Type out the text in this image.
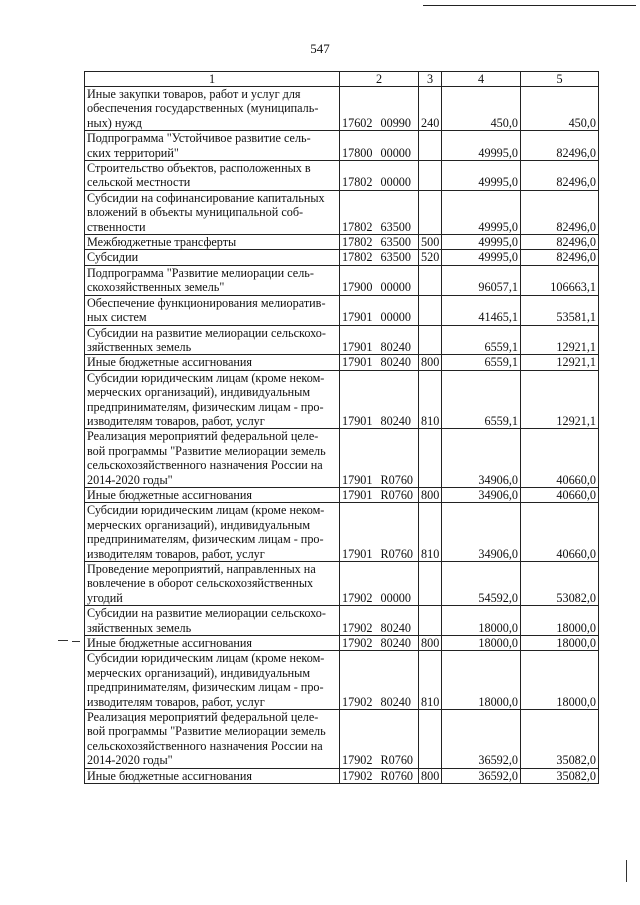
547
1	2	3	4	5
Иные закупки товаров, работ и услуг для обеспечения государственных (муниципаль- ных) нужд	17602 00990	240	450,0	450,0
Подпрограмма "Устойчивое развитие сель- ских территорий"	17800 00000		49995,0	82496,0
Строительство объектов, расположенных в сельской местности	17802 00000		49995,0	82496,0
Субсидии на софинансирование капитальных вложений в объекты муниципальной соб- ственности	17802 63500		49995,0	82496,0
Межбюджетные трансферты	17802 63500	500	49995,0	82496,0
Субсидии	17802 63500	520	49995,0	82496,0
Подпрограмма "Развитие мелиорации сель- скохозяйственных земель"	17900 00000		96057,1	106663,1
Обеспечение функционирования мелиоратив- ных систем	17901 00000		41465,1	53581,1
Субсидии на развитие мелиорации сельскохо- зяйственных земель	17901 80240		6559,1	12921,1
Иные бюджетные ассигнования	17901 80240	800	6559,1	12921,1
Субсидии юридическим лицам (кроме неком- мерческих организаций), индивидуальным предпринимателям, физическим лицам - про- изводителям товаров, работ, услуг	17901 80240	810	6559,1	12921,1
Реализация мероприятий федеральной целе- вой программы "Развитие мелиорации земель сельскохозяйственного назначения России на 2014-2020 годы"	17901 R0760		34906,0	40660,0
Иные бюджетные ассигнования	17901 R0760	800	34906,0	40660,0
Субсидии юридическим лицам (кроме неком- мерческих организаций), индивидуальным предпринимателям, физическим лицам - про- изводителям товаров, работ, услуг	17901 R0760	810	34906,0	40660,0
Проведение мероприятий, направленных на вовлечение в оборот сельскохозяйственных угодий	17902 00000		54592,0	53082,0
Субсидии на развитие мелиорации сельскохо- зяйственных земель	17902 80240		18000,0	18000,0
Иные бюджетные ассигнования	17902 80240	800	18000,0	18000,0
Субсидии юридическим лицам (кроме неком- мерческих организаций), индивидуальным предпринимателям, физическим лицам - про- изводителям товаров, работ, услуг	17902 80240	810	18000,0	18000,0
Реализация мероприятий федеральной целе- вой программы "Развитие мелиорации земель сельскохозяйственного назначения России на 2014-2020 годы"	17902 R0760		36592,0	35082,0
Иные бюджетные ассигнования	17902 R0760	800	36592,0	35082,0
